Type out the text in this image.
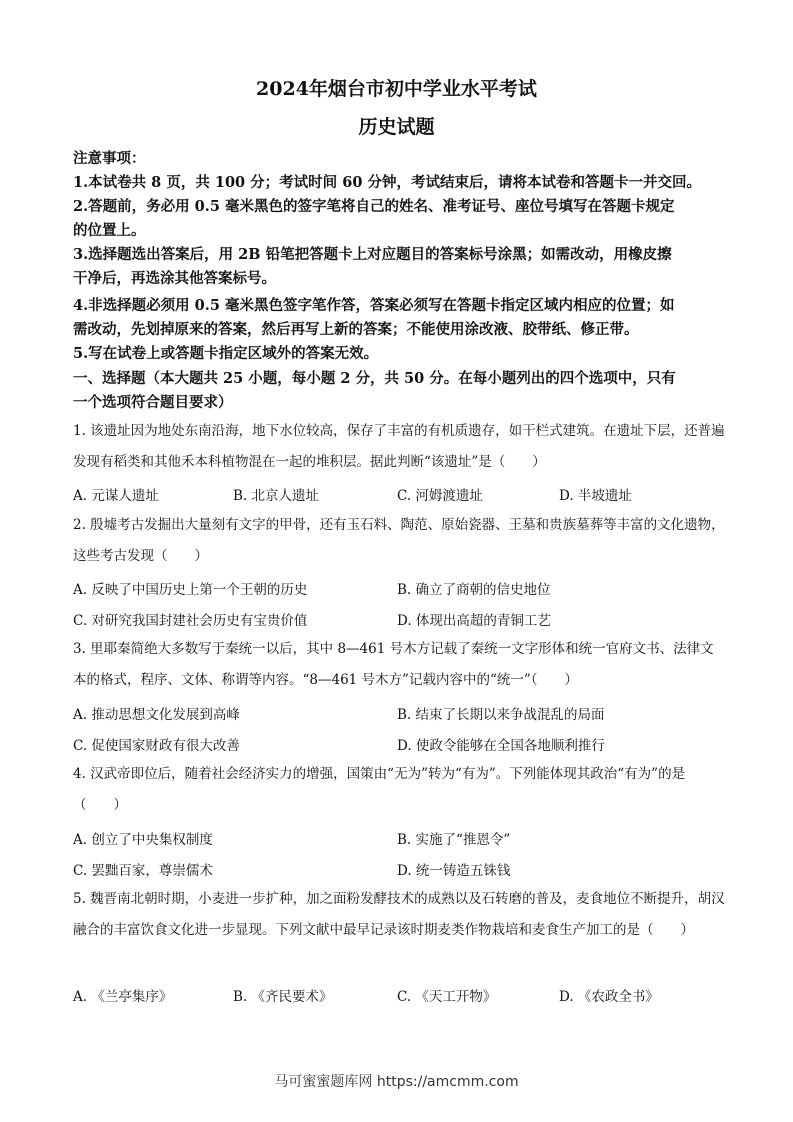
2024年烟台市初中学业水平考试
历史试题
注意事项：
1.本试卷共 8 页，共 100 分；考试时间 60 分钟，考试结束后，请将本试卷和答题卡一并交回。
2.答题前，务必用 0.5 毫米黑色的签字笔将自己的姓名、准考证号、座位号填写在答题卡规定
的位置上。
3.选择题选出答案后，用 2B 铅笔把答题卡上对应题目的答案标号涂黑；如需改动，用橡皮擦
干净后，再选涂其他答案标号。
4.非选择题必须用 0.5 毫米黑色签字笔作答，答案必须写在答题卡指定区域内相应的位置；如
需改动，先划掉原来的答案，然后再写上新的答案；不能使用涂改液、胶带纸、修正带。
5.写在试卷上或答题卡指定区域外的答案无效。
一、选择题（本大题共 25 小题，每小题 2 分，共 50 分。在每小题列出的四个选项中，只有
一个选项符合题目要求）
1. 该遗址因为地处东南沿海，地下水位较高，保存了丰富的有机质遗存，如干栏式建筑。在遗址下层，还普遍发现有稻类和其他禾本科植物混在一起的堆积层。据此判断“该遗址”是（　　）
A. 元谋人遗址	B. 北京人遗址	C. 河姆渡遗址	D. 半坡遗址
2. 殷墟考古发掘出大量刻有文字的甲骨，还有玉石料、陶范、原始瓷器、王墓和贵族墓葬等丰富的文化遗物，这些考古发现（　　）
A. 反映了中国历史上第一个王朝的历史	B. 确立了商朝的信史地位
C. 对研究我国封建社会历史有宝贵价值	D. 体现出高超的青铜工艺
3. 里耶秦简绝大多数写于秦统一以后，其中 8—461 号木方记载了秦统一文字形体和统一官府文书、法律文本的格式，程序、文体、称谓等内容。“8—461 号木方”记载内容中的“统一”（　　）
A. 推动思想文化发展到高峰	B. 结束了长期以来争战混乱的局面
C. 促使国家财政有很大改善	D. 使政令能够在全国各地顺利推行
4. 汉武帝即位后，随着社会经济实力的增强，国策由“无为”转为“有为”。下列能体现其政治“有为”的是（　　）
A. 创立了中央集权制度	B. 实施了“推恩令”
C. 罢黜百家，尊崇儒术	D. 统一铸造五铢钱
5. 魏晋南北朝时期，小麦进一步扩种，加之面粉发酵技术的成熟以及石转磨的普及，麦食地位不断提升，胡汉融合的丰富饮食文化进一步显现。下列文献中最早记录该时期麦类作物栽培和麦食生产加工的是（　　）
A. 《兰亭集序》	B. 《齐民要术》	C. 《天工开物》	D. 《农政全书》
马可蜜蜜题库网 https://amcmm.com
